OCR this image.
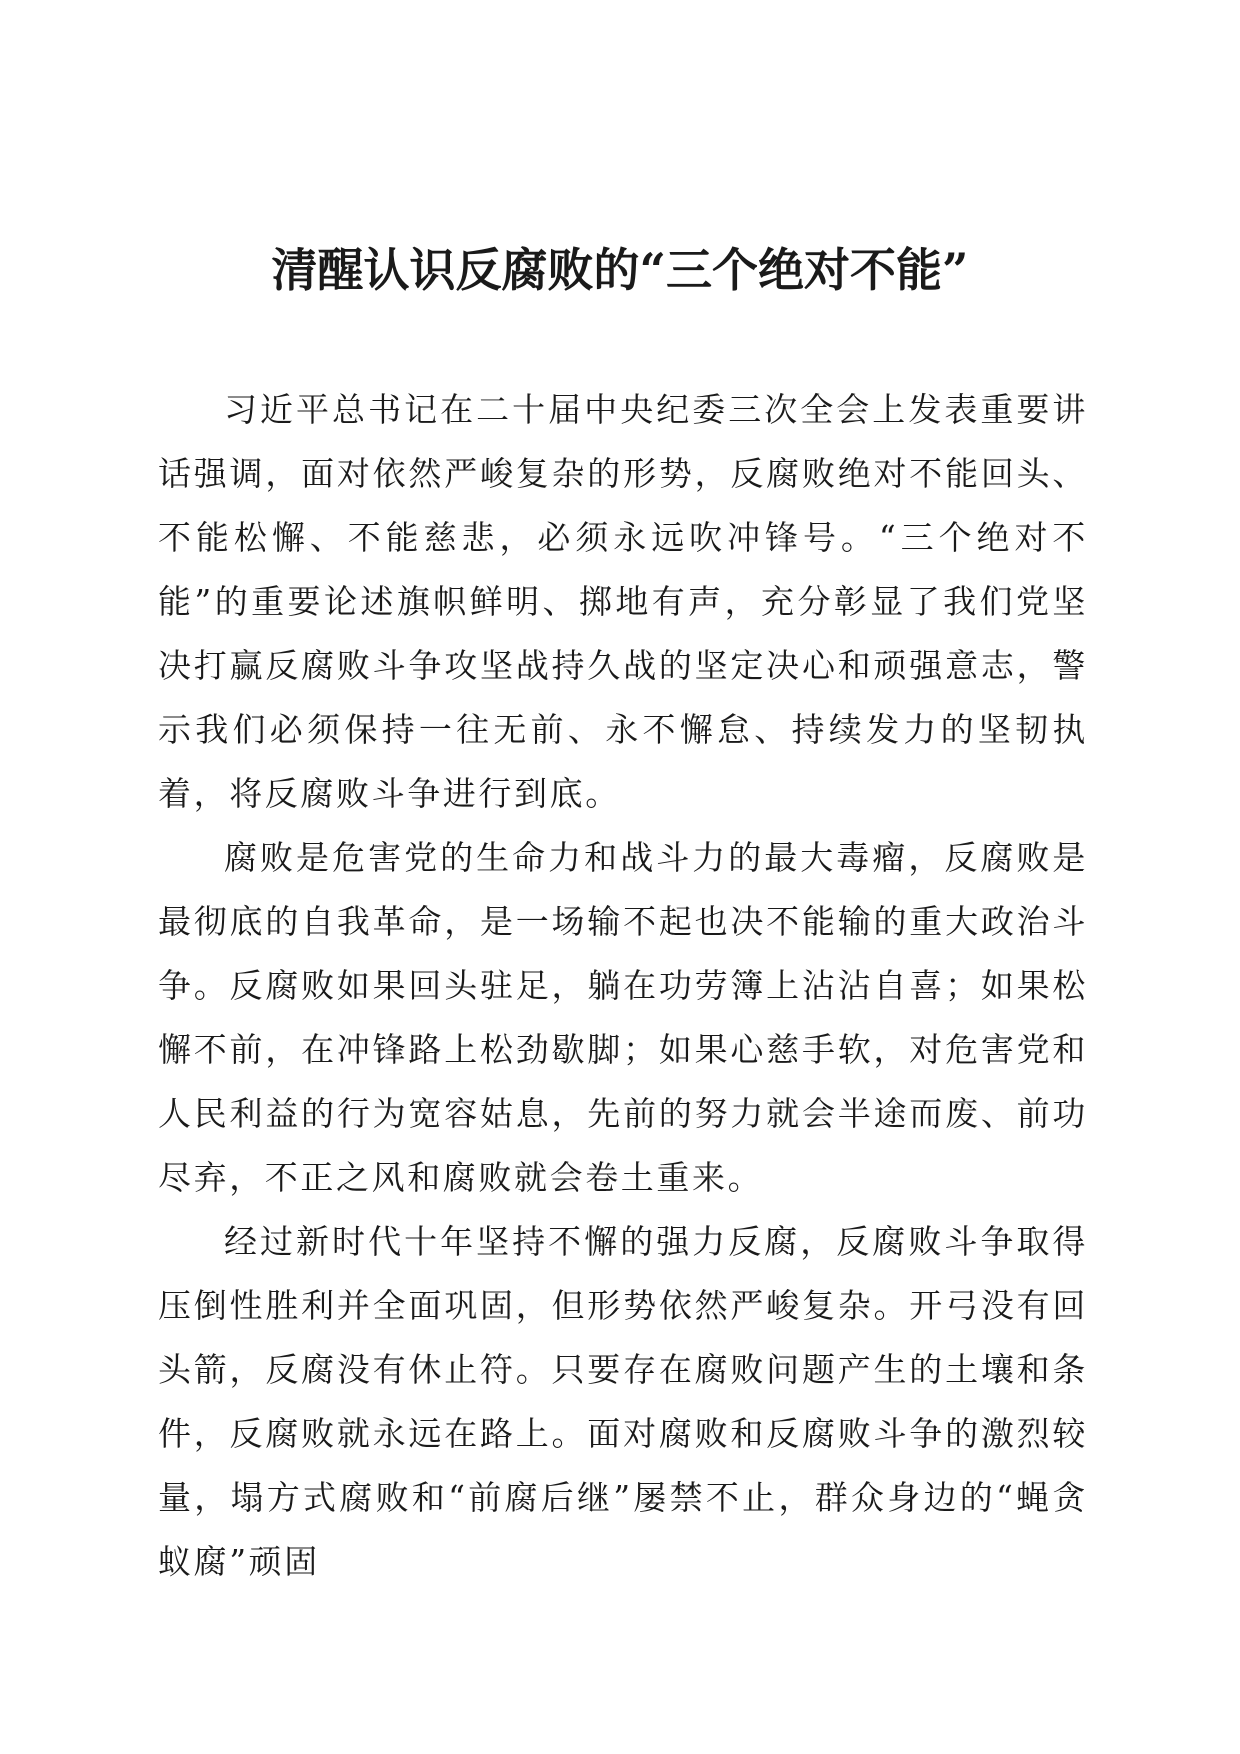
清醒认识反腐败的“三个绝对不能”

习近平总书记在二十届中央纪委三次全会上发表重要讲话强调，面对依然严峻复杂的形势，反腐败绝对不能回头、不能松懈、不能慈悲，必须永远吹冲锋号。“三个绝对不能”的重要论述旗帜鲜明、掷地有声，充分彰显了我们党坚决打赢反腐败斗争攻坚战持久战的坚定决心和顽强意志，警示我们必须保持一往无前、永不懈怠、持续发力的坚韧执着，将反腐败斗争进行到底。

腐败是危害党的生命力和战斗力的最大毒瘤，反腐败是最彻底的自我革命，是一场输不起也决不能输的重大政治斗争。反腐败如果回头驻足，躺在功劳簿上沾沾自喜；如果松懈不前，在冲锋路上松劲歇脚；如果心慈手软，对危害党和人民利益的行为宽容姑息，先前的努力就会半途而废、前功尽弃，不正之风和腐败就会卷土重来。

经过新时代十年坚持不懈的强力反腐，反腐败斗争取得压倒性胜利并全面巩固，但形势依然严峻复杂。开弓没有回头箭，反腐没有休止符。只要存在腐败问题产生的土壤和条件，反腐败就永远在路上。面对腐败和反腐败斗争的激烈较量，塌方式腐败和“前腐后继”屡禁不止，群众身边的“蝇贪蚁腐”顽固
